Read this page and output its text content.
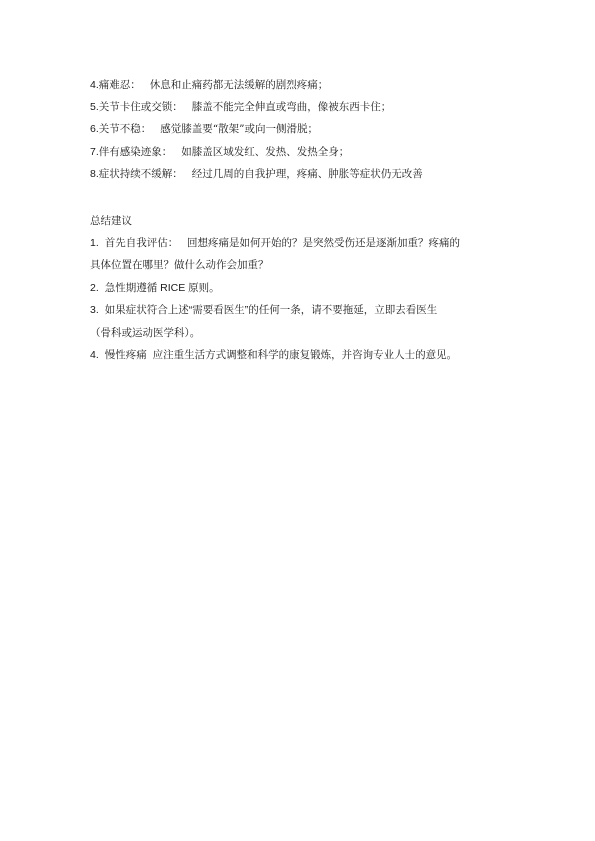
4.痛难忍： 休息和止痛药都无法缓解的剧烈疼痛；
5.关节卡住或交锁： 膝盖不能完全伸直或弯曲，像被东西卡住；
6.关节不稳： 感觉膝盖要“散架”或向一侧滑脱；
7.伴有感染迹象： 如膝盖区域发红、发热、发热全身；
8.症状持续不缓解： 经过几周的自我护理，疼痛、肿胀等症状仍无改善
总结建议
1. 首先自我评估：   回想疼痛是如何开始的？是突然受伤还是逐渐加重？疼痛的
具体位置在哪里？做什么动作会加重？
2. 急性期遵循 RICE 原则。
3. 如果症状符合上述“需要看医生”的任何一条，请不要拖延，立即去看医生
（骨科或运动医学科）。
4. 慢性疼痛  应注重生活方式调整和科学的康复锻炼，并咨询专业人士的意见。
